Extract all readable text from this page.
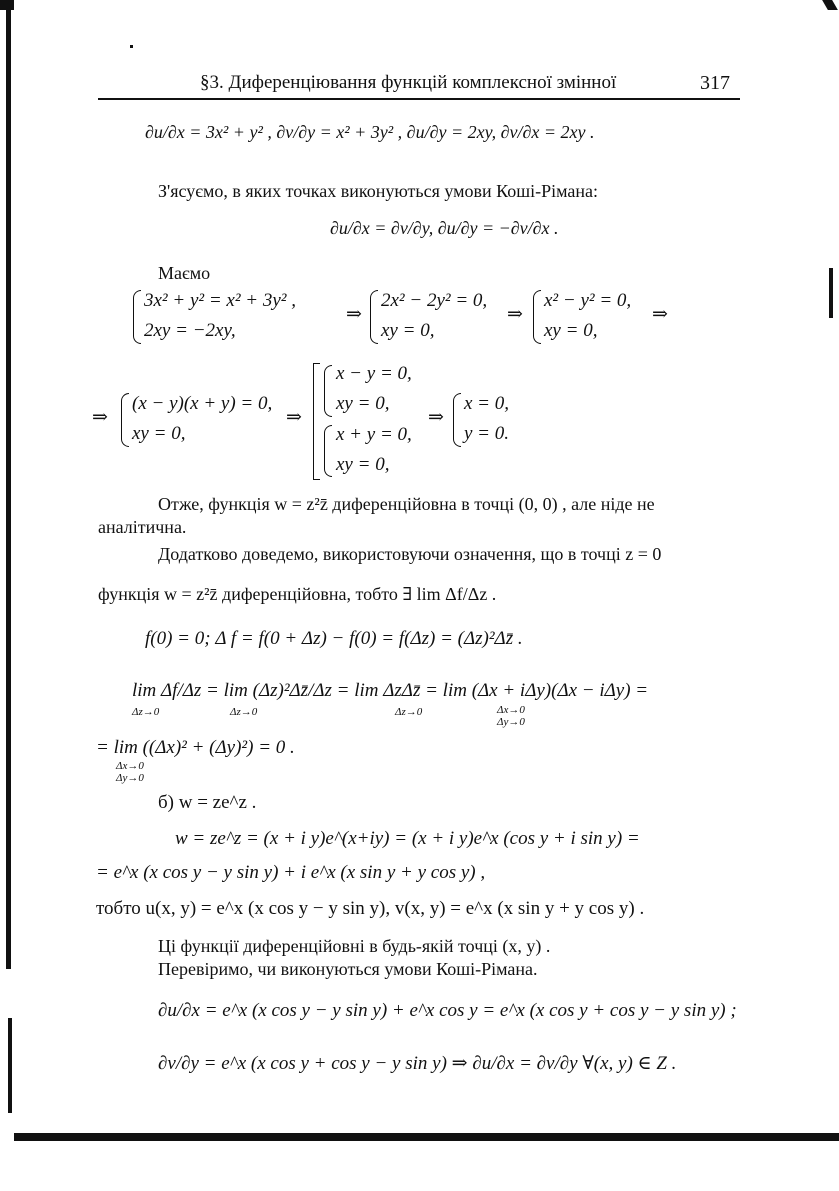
§3. Диференціювання функцій комплексної змінної	317
∂u/∂x = 3x² + y² , ∂v/∂y = x² + 3y² , ∂u/∂y = 2xy, ∂v/∂x = 2xy .
З'ясуємо, в яких точках виконуються умови Коші-Рімана:
∂u/∂x = ∂v/∂y, ∂u/∂y = −∂v/∂x .
Маємо
3x² + y² = x² + 3y² ,
2xy = −2xy,
⇒
2x² − 2y² = 0,
xy = 0,
⇒
x² − y² = 0,
xy = 0,
⇒
⇒
(x − y)(x + y) = 0,
xy = 0,
⇒
x − y = 0,
xy = 0,
x + y = 0,
xy = 0,
⇒
x = 0,
y = 0.
Отже, функція w = z²z̄ диференційовна в точці (0, 0) , але ніде не
аналітична.
Додатково доведемо, використовуючи означення, що в точці z = 0
функція w = z²z̄ диференційовна, тобто ∃ lim Δf/Δz .
f(0) = 0; Δ f = f(0 + Δz) − f(0) = f(Δz) = (Δz)²Δz̄ .
lim Δf/Δz = lim (Δz)²Δz̄/Δz = lim ΔzΔz̄ = lim (Δx + iΔy)(Δx − iΔy) =
Δz→0	Δz→0	Δz→0	Δx→0
Δy→0
= lim ((Δx)² + (Δy)²) = 0 .
Δx→0
Δy→0
б) w = ze^z .
w = ze^z = (x + i y)e^(x+iy) = (x + i y)e^x (cos y + i sin y) =
= e^x (x cos y − y sin y) + i e^x (x sin y + y cos y) ,
тобто u(x, y) = e^x (x cos y − y sin y), v(x, y) = e^x (x sin y + y cos y) .
Ці функції диференційовні в будь-якій точці (x, y) .
Перевіримо, чи виконуються умови Коші-Рімана.
∂u/∂x = e^x (x cos y − y sin y) + e^x cos y = e^x (x cos y + cos y − y sin y) ;
∂v/∂y = e^x (x cos y + cos y − y sin y) ⇒ ∂u/∂x = ∂v/∂y ∀(x, y) ∈ Z .
